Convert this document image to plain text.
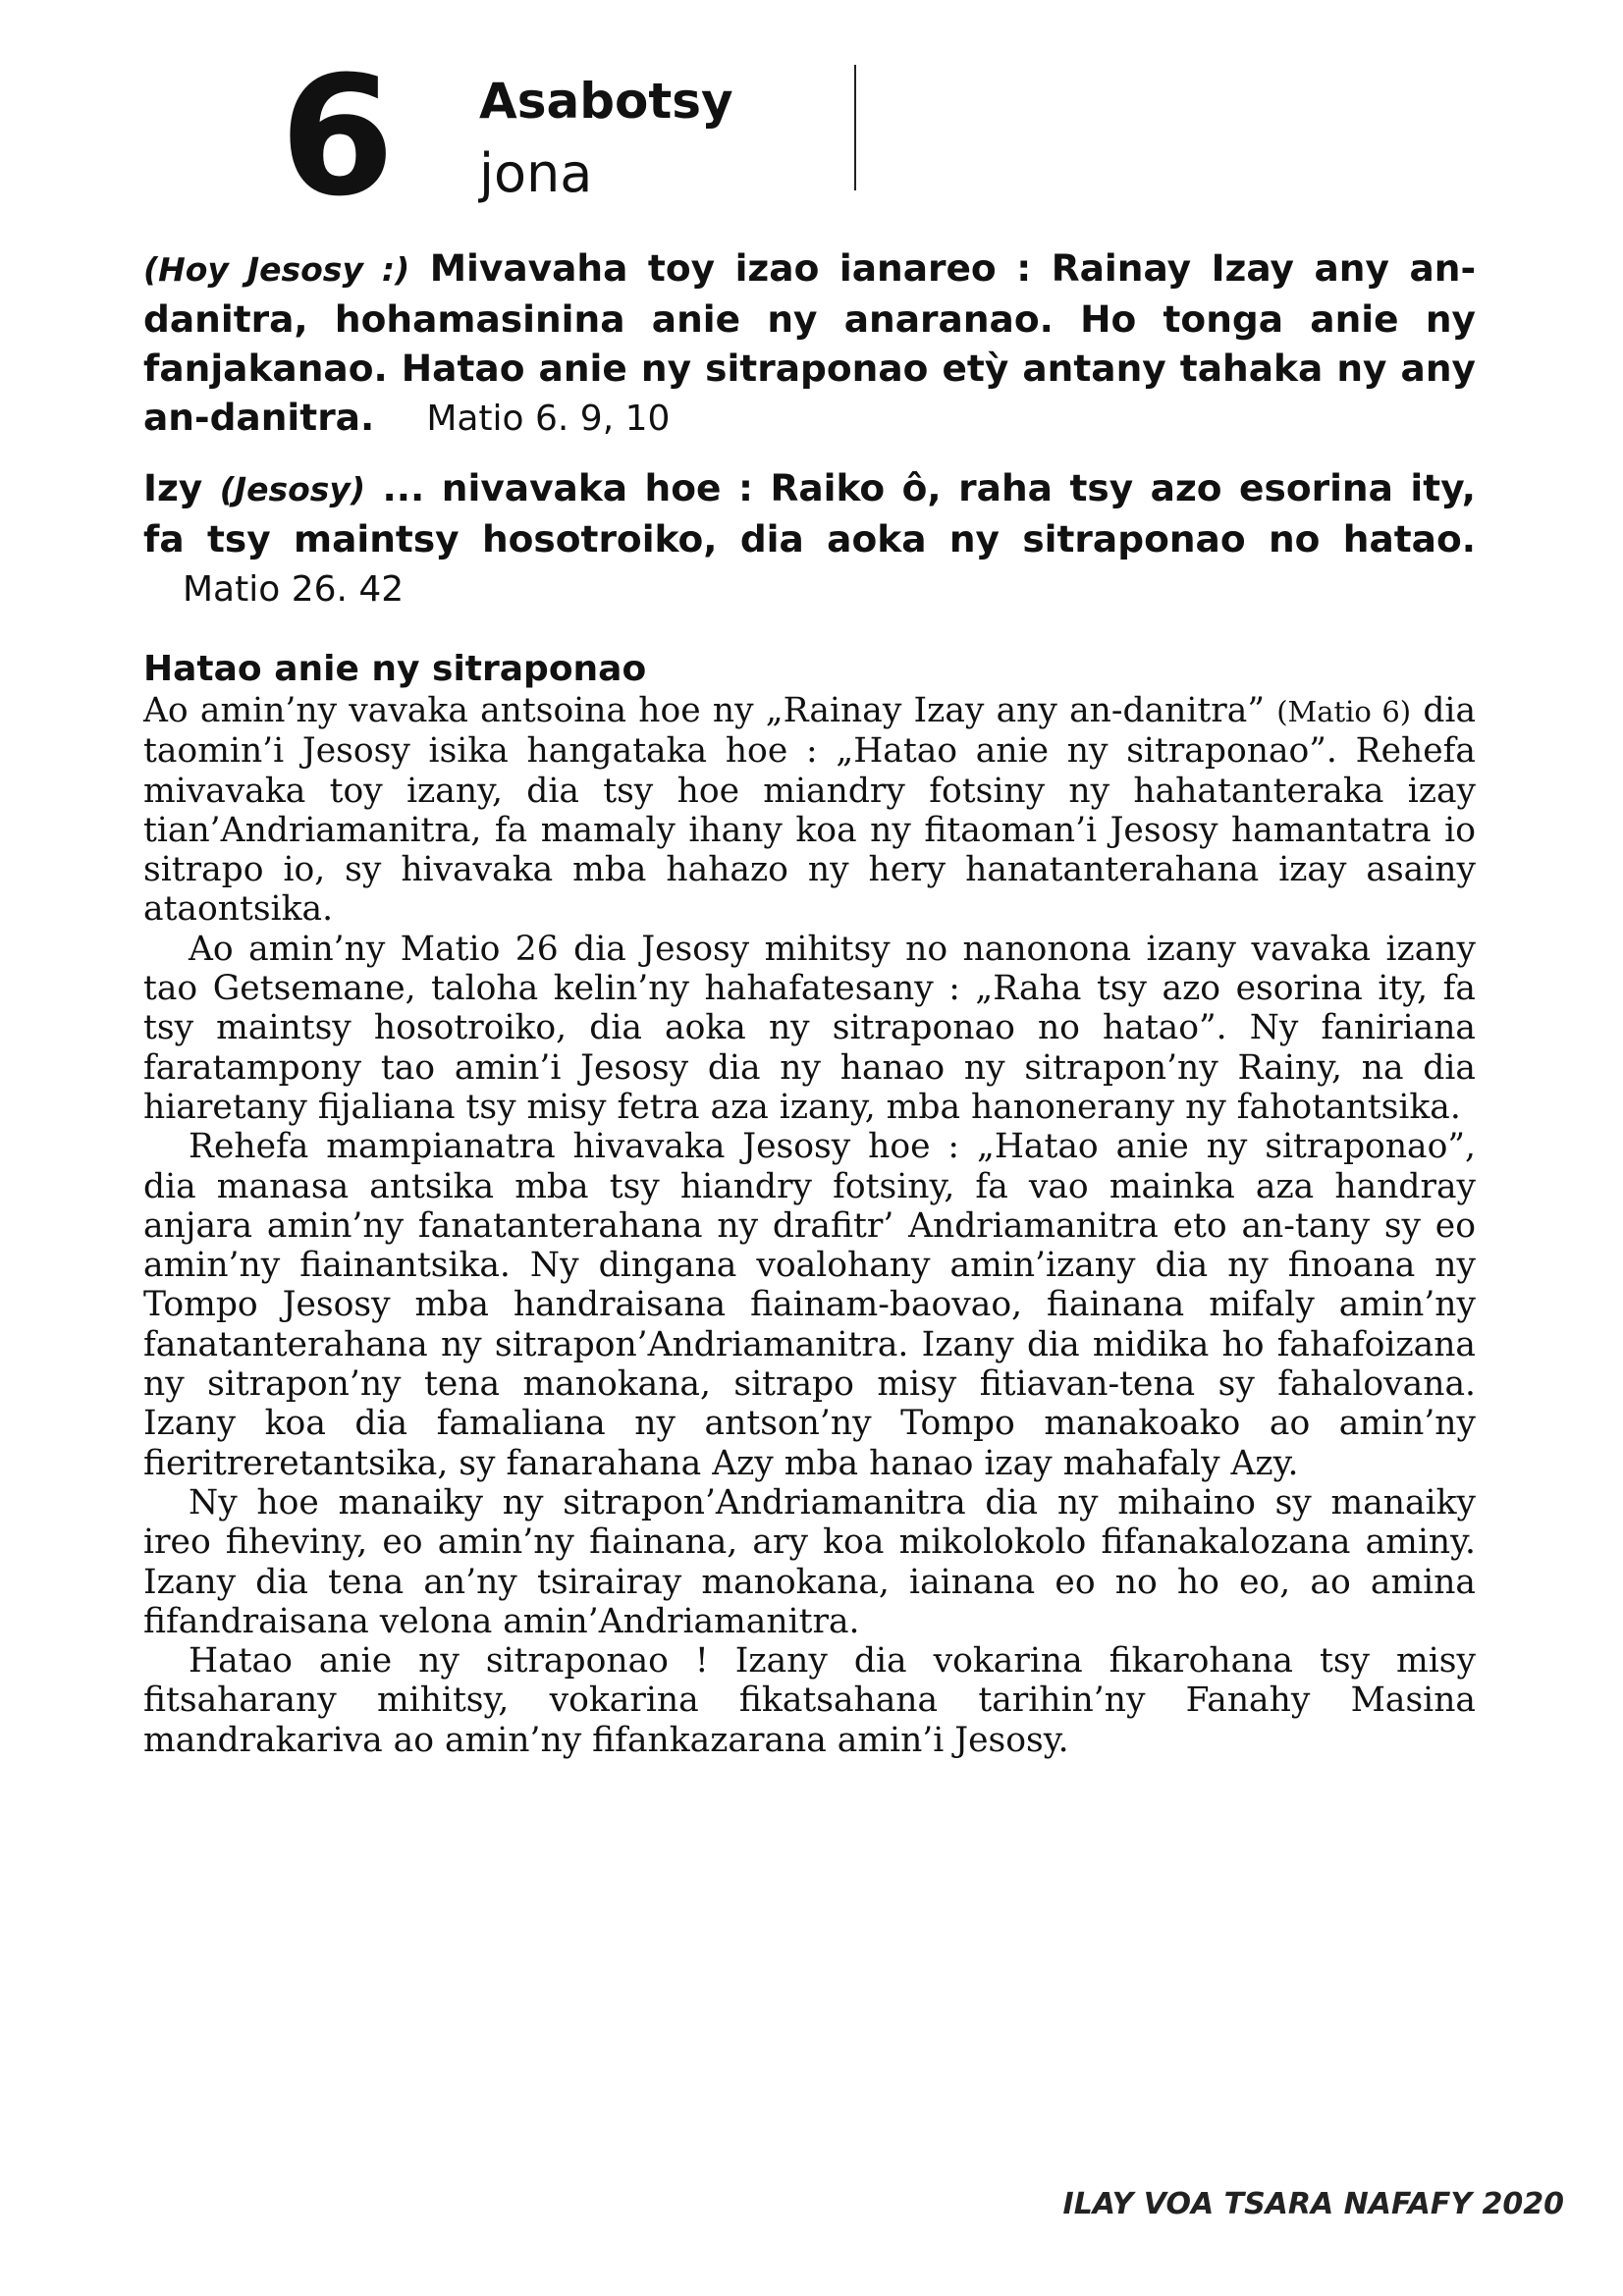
6 Asabotsy
jona

(Hoy Jesosy :) Mivavaha toy izao ianareo : Rainay Izay any an-danitra, hohamasinina anie ny anaranao. Ho tonga anie ny fanjakanao. Hatao anie ny sitraponao etỳ antany tahaka ny any an-danitra. Matio 6. 9, 10

Izy (Jesosy) ... nivavaka hoe : Raiko ô, raha tsy azo esorina ity, fa tsy maintsy hosotroiko, dia aoka ny sitraponao no hatao. Matio 26. 42

Hatao anie ny sitraponao

Ao amin’ny vavaka antsoina hoe ny „Rainay Izay any an-danitra” (Matio 6) dia taomin’i Jesosy isika hangataka hoe : „Hatao anie ny sitraponao”. Rehefa mivavaka toy izany, dia tsy hoe miandry fotsiny ny hahatanteraka izay tian’Andriamanitra, fa mamaly ihany koa ny fitaoman’i Jesosy hamantatra io sitrapo io, sy hivavaka mba hahazo ny hery hanatanterahana izay asainy ataontsika.

Ao amin’ny Matio 26 dia Jesosy mihitsy no nanonona izany vavaka izany tao Getsemane, taloha kelin’ny hahafatesany : „Raha tsy azo esorina ity, fa tsy maintsy hosotroiko, dia aoka ny sitraponao no hatao”. Ny faniriana faratampony tao amin’i Jesosy dia ny hanao ny sitrapon’ny Rainy, na dia hiaretany fijaliana tsy misy fetra aza izany, mba hanonerany ny fahotantsika.

Rehefa mampianatra hivavaka Jesosy hoe : „Hatao anie ny sitraponao”, dia manasa antsika mba tsy hiandry fotsiny, fa vao mainka aza handray anjara amin’ny fanatanterahana ny drafitr’ Andriamanitra eto an-tany sy eo amin’ny fiainantsika. Ny dingana voalohany amin’izany dia ny finoana ny Tompo Jesosy mba handraisana fiainam-baovao, fiainana mifaly amin’ny fanatanterahana ny sitrapon’Andriamanitra. Izany dia midika ho fahafoizana ny sitrapon’ny tena manokana, sitrapo misy fitiavan-tena sy fahalovana. Izany koa dia famaliana ny antson’ny Tompo manakoako ao amin’ny fieritreretantsika, sy fanarahana Azy mba hanao izay mahafaly Azy.

Ny hoe manaiky ny sitrapon’Andriamanitra dia ny mihaino sy manaiky ireo fiheviny, eo amin’ny fiainana, ary koa mikolokolo fifanakalozana aminy. Izany dia tena an’ny tsirairay manokana, iainana eo no ho eo, ao amina fifandraisana velona amin’Andriamanitra.

Hatao anie ny sitraponao ! Izany dia vokarina fikarohana tsy misy fitsaharany mihitsy, vokarina fikatsahana tarihin’ny Fanahy Masina mandrakariva ao amin’ny fifankazarana amin’i Jesosy.

ILAY VOA TSARA NAFAFY 2020
